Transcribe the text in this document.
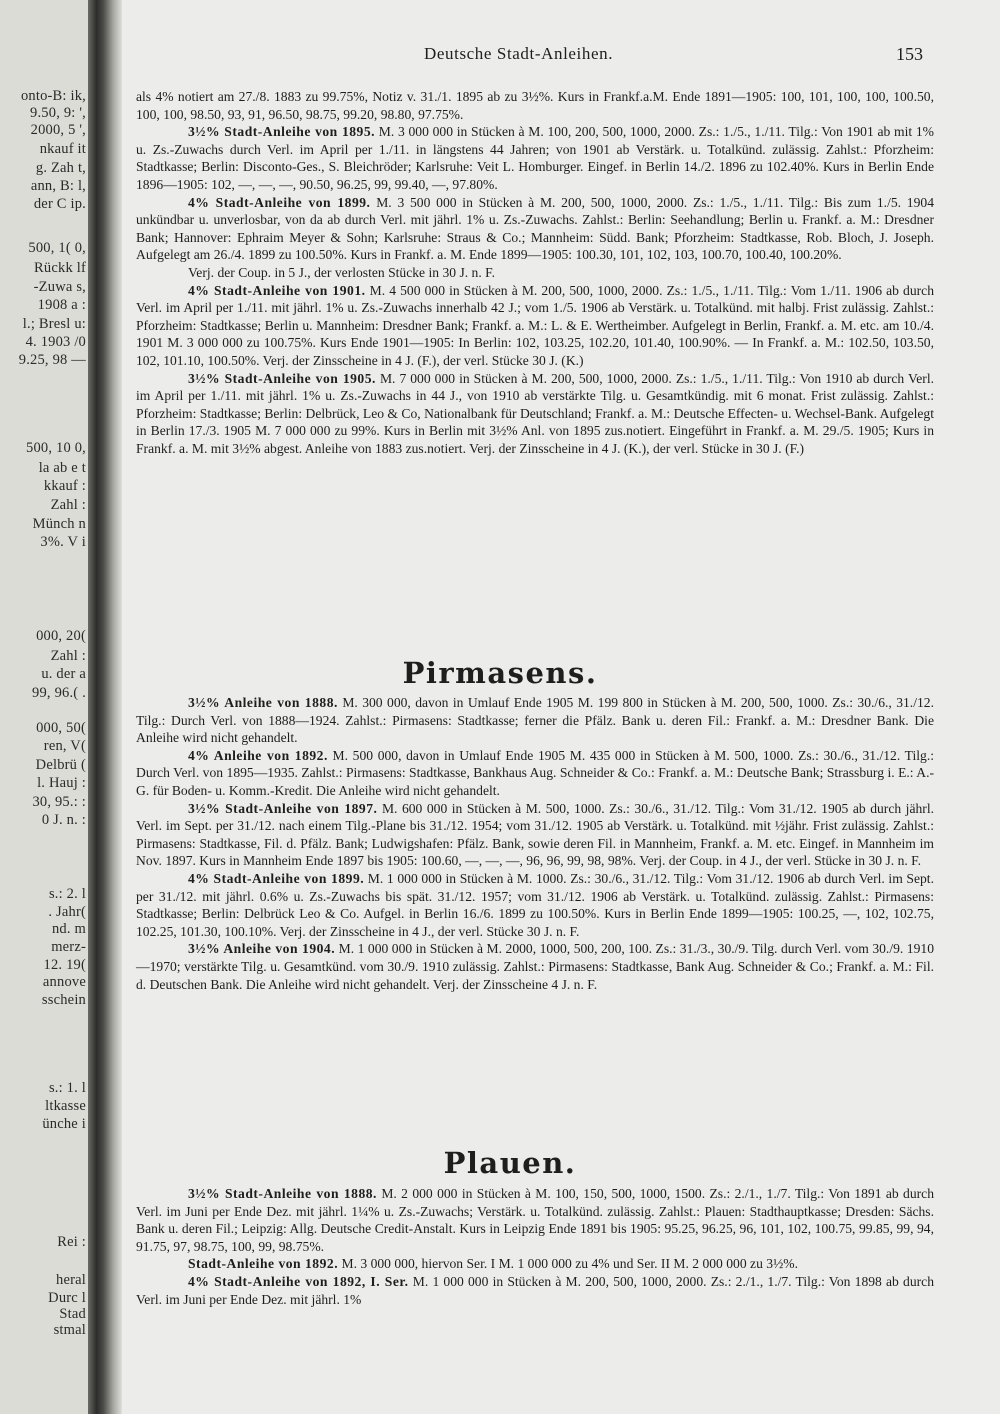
onto-B: ik,
9.50, 9: ',
2000, 5 ',
nkauf it
g. Zah t,
ann, B: l,
der C ip.
500, 1( 0,
Rückk lf
-Zuwa s,
1908 a :
l.; Bresl u:
4. 1903 /0
9.25, 98 —
500, 10 0,
la ab e t
kkauf :
Zahl :
Münch n
3%. V i
000, 20(
Zahl :
u. der a
99, 96.( .
000, 50(
ren, V(
Delbrü (
l. Hauj :
30, 95.: :
0 J. n. :
s.: 2. l
. Jahr(
nd. m
merz-
12. 19(
annove
sschein
s.: 1. l
ltkasse
ünche i
Rei :
heral
Durc l
Stad
stmal
Deutsche Stadt-Anleihen.	153

als 4% notiert am 27./8. 1883 zu 99.75%, Notiz v. 31./1. 1895 ab zu 3½%. Kurs in Frankf.a.M. Ende 1891—1905: 100, 101, 100, 100, 100.50, 100, 100, 98.50, 93, 91, 96.50, 98.75, 99.20, 98.80, 97.75%.

3½% Stadt-Anleihe von 1895. M. 3 000 000 in Stücken à M. 100, 200, 500, 1000, 2000. Zs.: 1./5., 1./11. Tilg.: Von 1901 ab mit 1% u. Zs.-Zuwachs durch Verl. im April per 1./11. in längstens 44 Jahren; von 1901 ab Verstärk. u. Totalkünd. zulässig. Zahlst.: Pforzheim: Stadtkasse; Berlin: Disconto-Ges., S. Bleichröder; Karlsruhe: Veit L. Homburger. Eingef. in Berlin 14./2. 1896 zu 102.40%. Kurs in Berlin Ende 1896—1905: 102, —, —, —, 90.50, 96.25, 99, 99.40, —, 97.80%.

4% Stadt-Anleihe von 1899. M. 3 500 000 in Stücken à M. 200, 500, 1000, 2000. Zs.: 1./5., 1./11. Tilg.: Bis zum 1./5. 1904 unkündbar u. unverlosbar, von da ab durch Verl. mit jährl. 1% u. Zs.-Zuwachs. Zahlst.: Berlin: Seehandlung; Berlin u. Frankf. a. M.: Dresdner Bank; Hannover: Ephraim Meyer & Sohn; Karlsruhe: Straus & Co.; Mannheim: Südd. Bank; Pforzheim: Stadtkasse, Rob. Bloch, J. Joseph. Aufgelegt am 26./4. 1899 zu 100.50%. Kurs in Frankf. a. M. Ende 1899—1905: 100.30, 101, 102, 103, 100.70, 100.40, 100.20%.

Verj. der Coup. in 5 J., der verlosten Stücke in 30 J. n. F.

4% Stadt-Anleihe von 1901. M. 4 500 000 in Stücken à M. 200, 500, 1000, 2000. Zs.: 1./5., 1./11. Tilg.: Vom 1./11. 1906 ab durch Verl. im April per 1./11. mit jährl. 1% u. Zs.-Zuwachs innerhalb 42 J.; vom 1./5. 1906 ab Verstärk. u. Totalkünd. mit halbj. Frist zulässig. Zahlst.: Pforzheim: Stadtkasse; Berlin u. Mannheim: Dresdner Bank; Frankf. a. M.: L. & E. Wertheimber. Aufgelegt in Berlin, Frankf. a. M. etc. am 10./4. 1901 M. 3 000 000 zu 100.75%. Kurs Ende 1901—1905: In Berlin: 102, 103.25, 102.20, 101.40, 100.90%. — In Frankf. a. M.: 102.50, 103.50, 102, 101.10, 100.50%. Verj. der Zinsscheine in 4 J. (F.), der verl. Stücke 30 J. (K.)

3½% Stadt-Anleihe von 1905. M. 7 000 000 in Stücken à M. 200, 500, 1000, 2000. Zs.: 1./5., 1./11. Tilg.: Von 1910 ab durch Verl. im April per 1./11. mit jährl. 1% u. Zs.-Zuwachs in 44 J., von 1910 ab verstärkte Tilg. u. Gesamtkündig. mit 6 monat. Frist zulässig. Zahlst.: Pforzheim: Stadtkasse; Berlin: Delbrück, Leo & Co, Nationalbank für Deutschland; Frankf. a. M.: Deutsche Effecten- u. Wechsel-Bank. Aufgelegt in Berlin 17./3. 1905 M. 7 000 000 zu 99%. Kurs in Berlin mit 3½% Anl. von 1895 zus.notiert. Eingeführt in Frankf. a. M. 29./5. 1905; Kurs in Frankf. a. M. mit 3½% abgest. Anleihe von 1883 zus.notiert. Verj. der Zinsscheine in 4 J. (K.), der verl. Stücke in 30 J. (F.)

Pirmasens.

3½% Anleihe von 1888. M. 300 000, davon in Umlauf Ende 1905 M. 199 800 in Stücken à M. 200, 500, 1000. Zs.: 30./6., 31./12. Tilg.: Durch Verl. von 1888—1924. Zahlst.: Pirmasens: Stadtkasse; ferner die Pfälz. Bank u. deren Fil.: Frankf. a. M.: Dresdner Bank. Die Anleihe wird nicht gehandelt.

4% Anleihe von 1892. M. 500 000, davon in Umlauf Ende 1905 M. 435 000 in Stücken à M. 500, 1000. Zs.: 30./6., 31./12. Tilg.: Durch Verl. von 1895—1935. Zahlst.: Pirmasens: Stadtkasse, Bankhaus Aug. Schneider & Co.: Frankf. a. M.: Deutsche Bank; Strassburg i. E.: A.-G. für Boden- u. Komm.-Kredit. Die Anleihe wird nicht gehandelt.

3½% Stadt-Anleihe von 1897. M. 600 000 in Stücken à M. 500, 1000. Zs.: 30./6., 31./12. Tilg.: Vom 31./12. 1905 ab durch jährl. Verl. im Sept. per 31./12. nach einem Tilg.-Plane bis 31./12. 1954; vom 31./12. 1905 ab Verstärk. u. Totalkünd. mit ½jähr. Frist zulässig. Zahlst.: Pirmasens: Stadtkasse, Fil. d. Pfälz. Bank; Ludwigshafen: Pfälz. Bank, sowie deren Fil. in Mannheim, Frankf. a. M. etc. Eingef. in Mannheim im Nov. 1897. Kurs in Mannheim Ende 1897 bis 1905: 100.60, —, —, —, 96, 96, 99, 98, 98%. Verj. der Coup. in 4 J., der verl. Stücke in 30 J. n. F.

4% Stadt-Anleihe von 1899. M. 1 000 000 in Stücken à M. 1000. Zs.: 30./6., 31./12. Tilg.: Vom 31./12. 1906 ab durch Verl. im Sept. per 31./12. mit jährl. 0.6% u. Zs.-Zuwachs bis spät. 31./12. 1957; vom 31./12. 1906 ab Verstärk. u. Totalkünd. zulässig. Zahlst.: Pirmasens: Stadtkasse; Berlin: Delbrück Leo & Co. Aufgel. in Berlin 16./6. 1899 zu 100.50%. Kurs in Berlin Ende 1899—1905: 100.25, —, 102, 102.75, 102.25, 101.30, 100.10%. Verj. der Zinsscheine in 4 J., der verl. Stücke 30 J. n. F.

3½% Anleihe von 1904. M. 1 000 000 in Stücken à M. 2000, 1000, 500, 200, 100. Zs.: 31./3., 30./9. Tilg. durch Verl. vom 30./9. 1910—1970; verstärkte Tilg. u. Gesamtkünd. vom 30./9. 1910 zulässig. Zahlst.: Pirmasens: Stadtkasse, Bank Aug. Schneider & Co.; Frankf. a. M.: Fil. d. Deutschen Bank. Die Anleihe wird nicht gehandelt. Verj. der Zinsscheine 4 J. n. F.

Plauen.

3½% Stadt-Anleihe von 1888. M. 2 000 000 in Stücken à M. 100, 150, 500, 1000, 1500. Zs.: 2./1., 1./7. Tilg.: Von 1891 ab durch Verl. im Juni per Ende Dez. mit jährl. 1¼% u. Zs.-Zuwachs; Verstärk. u. Totalkünd. zulässig. Zahlst.: Plauen: Stadthauptkasse; Dresden: Sächs. Bank u. deren Fil.; Leipzig: Allg. Deutsche Credit-Anstalt. Kurs in Leipzig Ende 1891 bis 1905: 95.25, 96.25, 96, 101, 102, 100.75, 99.85, 99, 94, 91.75, 97, 98.75, 100, 99, 98.75%.

Stadt-Anleihe von 1892. M. 3 000 000, hiervon Ser. I M. 1 000 000 zu 4% und Ser. II M. 2 000 000 zu 3½%.

4% Stadt-Anleihe von 1892, I. Ser. M. 1 000 000 in Stücken à M. 200, 500, 1000, 2000. Zs.: 2./1., 1./7. Tilg.: Von 1898 ab durch Verl. im Juni per Ende Dez. mit jährl. 1%
